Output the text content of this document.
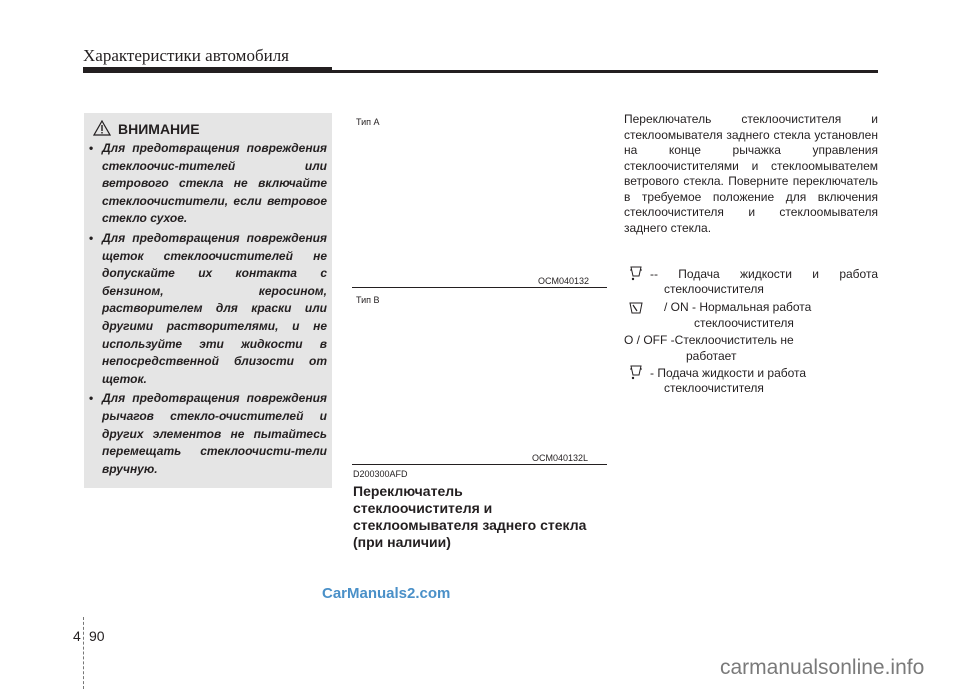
Характеристики автомобиля
ВНИМАНИЕ
• Для предотвращения повреждения стеклоочис-тителей или ветрового стекла не включайте стеклоочистители, если ветровое стекло сухое.
• Для предотвращения повреждения щеток стеклоочистителей не допускайте их контакта с бензином, керосином, растворителем для краски или другими растворителями, и не используйте эти жидкости в непосредственной близости от щеток.
• Для предотвращения повреждения рычагов стекло-очистителей и других элементов не пытайтесь перемещать стеклоочисти-тели вручную.
Тип A
OCM040132
Тип B
OCM040132L
D200300AFD
Переключатель стеклоочистителя и стеклоомывателя заднего стекла (при наличии)
Переключатель стеклоочистителя и стеклоомывателя заднего стекла установлен на конце рычажка управления стеклоочистителями и стеклоомывателем ветрового стекла. Поверните переключатель в требуемое положение для включения стеклоочистителя и стеклоомывателя заднего стекла.
-- Подача жидкости и работа
стеклоочистителя
/ ON - Нормальная работа
стеклоочистителя
O / OFF -Стеклоочиститель не
работает
- Подача жидкости и работа
стеклоочистителя
CarManuals2.com
4 90
carmanualsonline.info
